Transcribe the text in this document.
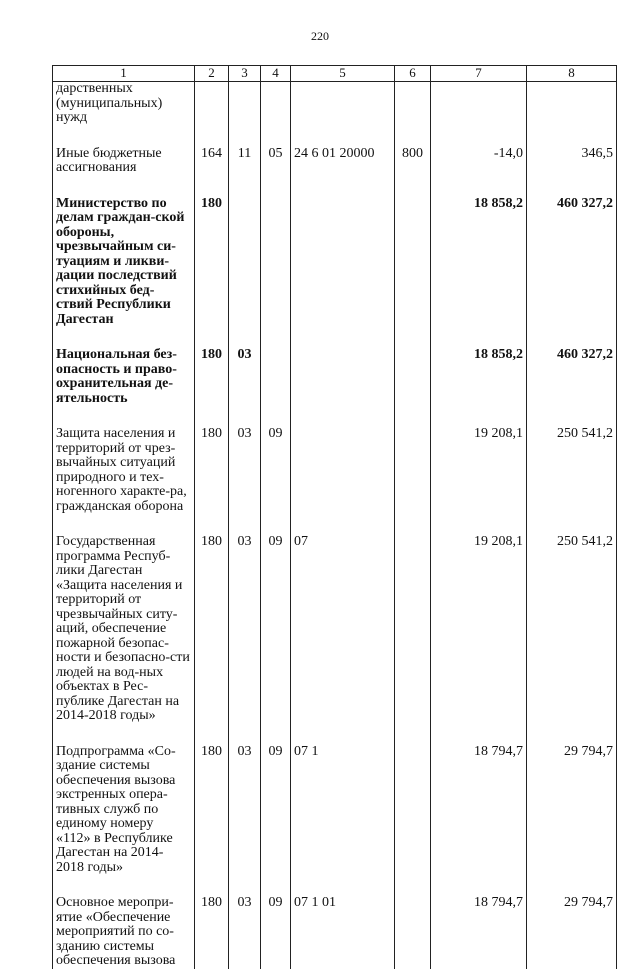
220
1	2	3	4	5	6	7	8
дарственных (муниципальных) нужд							
Иные бюджетные ассигнования	164	11	05	24 6 01 20000	800	-14,0	346,5
Министерство по делам граждан-ской обороны, чрезвычайным си-туациям и ликви-дации последствий стихийных бед-ствий Республики Дагестан	180					18 858,2	460 327,2
Национальная без-опасность и право-охранительная де-ятельность	180	03				18 858,2	460 327,2
Защита населения и территорий от чрез-вычайных ситуаций природного и тех-ногенного характе-ра, гражданская оборона	180	03	09			19 208,1	250 541,2
Государственная программа Респуб-лики Дагестан «Защита населения и территорий от чрезвычайных ситу-аций, обеспечение пожарной безопас-ности и безопасно-сти людей на вод-ных объектах в Рес-публике Дагестан на 2014-2018 годы»	180	03	09	07		19 208,1	250 541,2
Подпрограмма «Со-здание системы обеспечения вызова экстренных опера-тивных служб по единому номеру «112» в Республике Дагестан на 2014-2018 годы»	180	03	09	07 1		18 794,7	29 794,7
Основное меропри-ятие «Обеспечение мероприятий по со-зданию системы обеспечения вызова	180	03	09	07 1 01		18 794,7	29 794,7
